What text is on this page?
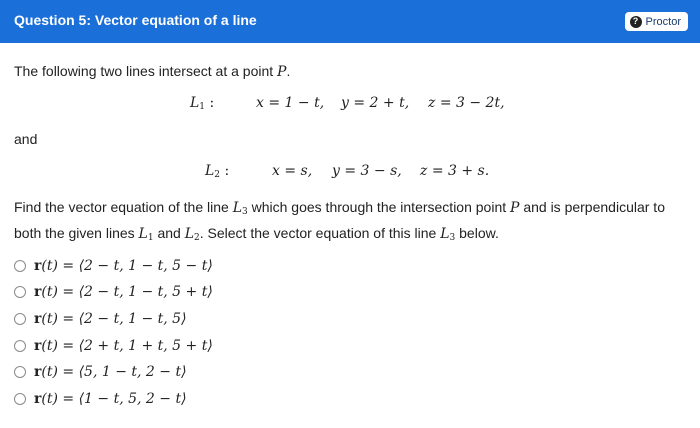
Question 5: Vector equation of a line	? Proctor
The following two lines intersect at a point P.

$L_1$ :

	x = 1 − t,

y = 2 + t,

z = 3 − 2t,

and

$L_2$ :

	x = s,

y = 3 − s,

z = 3 + s.

Find the vector equation of the line $L_3$ which goes through the intersection point P and is perpendicular to
both the given lines $L_1$ and $L_2$. Select the vector equation of this line $L_3$ below.
r (t) =
⟨2 − t, 1 − t, 5 − t⟩
r (t) =
⟨2 − t, 1 − t, 5 + t⟩
r (t) =
⟨2 − t, 1 − t, 5⟩
r (t) =
⟨2 + t, 1 + t, 5 + t⟩
r (t) =
⟨5, 1 − t, 2 − t⟩
r (t) =
⟨1 − t, 5, 2 − t⟩
